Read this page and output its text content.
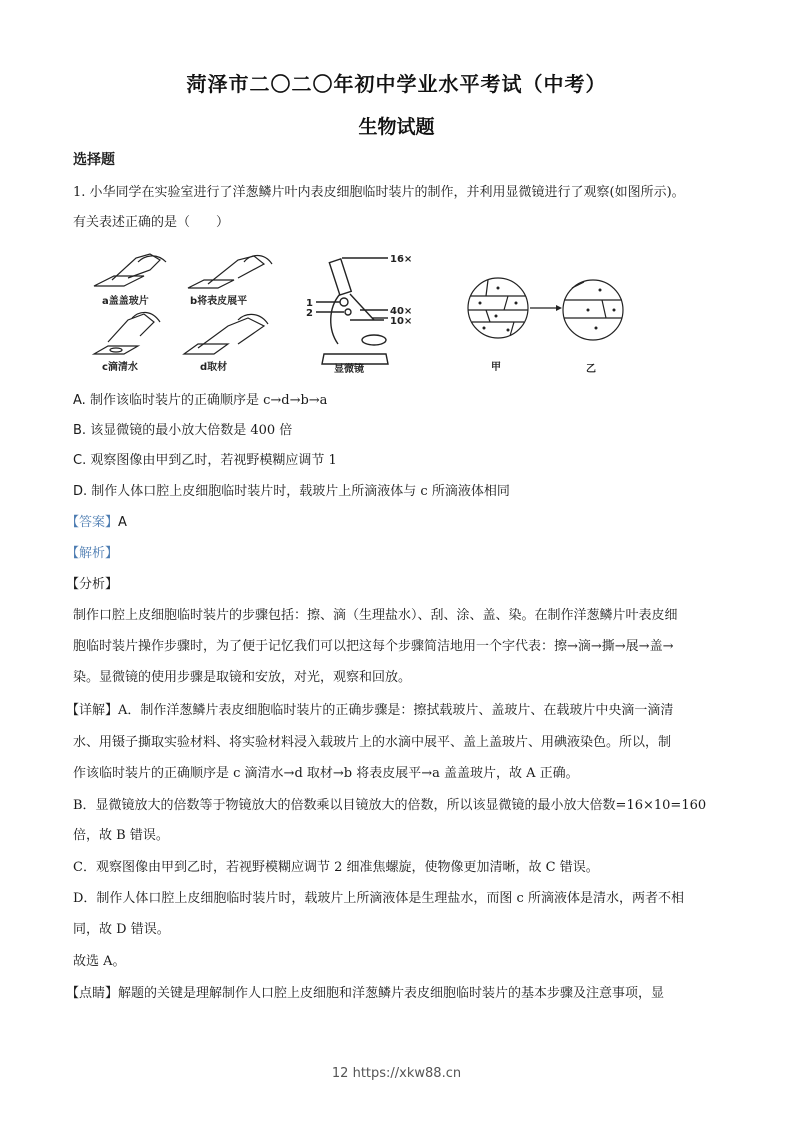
菏泽市二〇二〇年初中学业水平考试（中考）
生物试题
选择题
1. 小华同学在实验室进行了洋葱鳞片叶内表皮细胞临时装片的制作，并利用显微镜进行了观察(如图所示)。
有关表述正确的是（　　）
a盖盖玻片	b将表皮展平
c滴清水	d取材
16×
40×
10×
1
2
显微镜	甲	乙
A. 制作该临时装片的正确顺序是 c→d→b→a
B. 该显微镜的最小放大倍数是 400 倍
C. 观察图像由甲到乙时，若视野模糊应调节 1
D. 制作人体口腔上皮细胞临时装片时，载玻片上所滴液体与 c 所滴液体相同
【答案】A
【解析】
【分析】
制作口腔上皮细胞临时装片的步骤包括：擦、滴（生理盐水）、刮、涂、盖、染。在制作洋葱鳞片叶表皮细
胞临时装片操作步骤时，为了便于记忆我们可以把这每个步骤简洁地用一个字代表：擦→滴→撕→展→盖→
染。显微镜的使用步骤是取镜和安放，对光，观察和回放。
【详解】A．制作洋葱鳞片表皮细胞临时装片的正确步骤是：擦拭载玻片、盖玻片、在载玻片中央滴一滴清
水、用镊子撕取实验材料、将实验材料浸入载玻片上的水滴中展平、盖上盖玻片、用碘液染色。所以，制
作该临时装片的正确顺序是 c 滴清水→d 取材→b 将表皮展平→a 盖盖玻片，故 A 正确。
B．显微镜放大的倍数等于物镜放大的倍数乘以目镜放大的倍数，所以该显微镜的最小放大倍数=16×10=160
倍，故 B 错误。
C．观察图像由甲到乙时，若视野模糊应调节 2 细准焦螺旋，使物像更加清晰，故 C 错误。
D．制作人体口腔上皮细胞临时装片时，载玻片上所滴液体是生理盐水，而图 c 所滴液体是清水，两者不相
同，故 D 错误。
故选 A。
【点睛】解题的关键是理解制作人口腔上皮细胞和洋葱鳞片表皮细胞临时装片的基本步骤及注意事项，显
12 https://xkw88.cn
